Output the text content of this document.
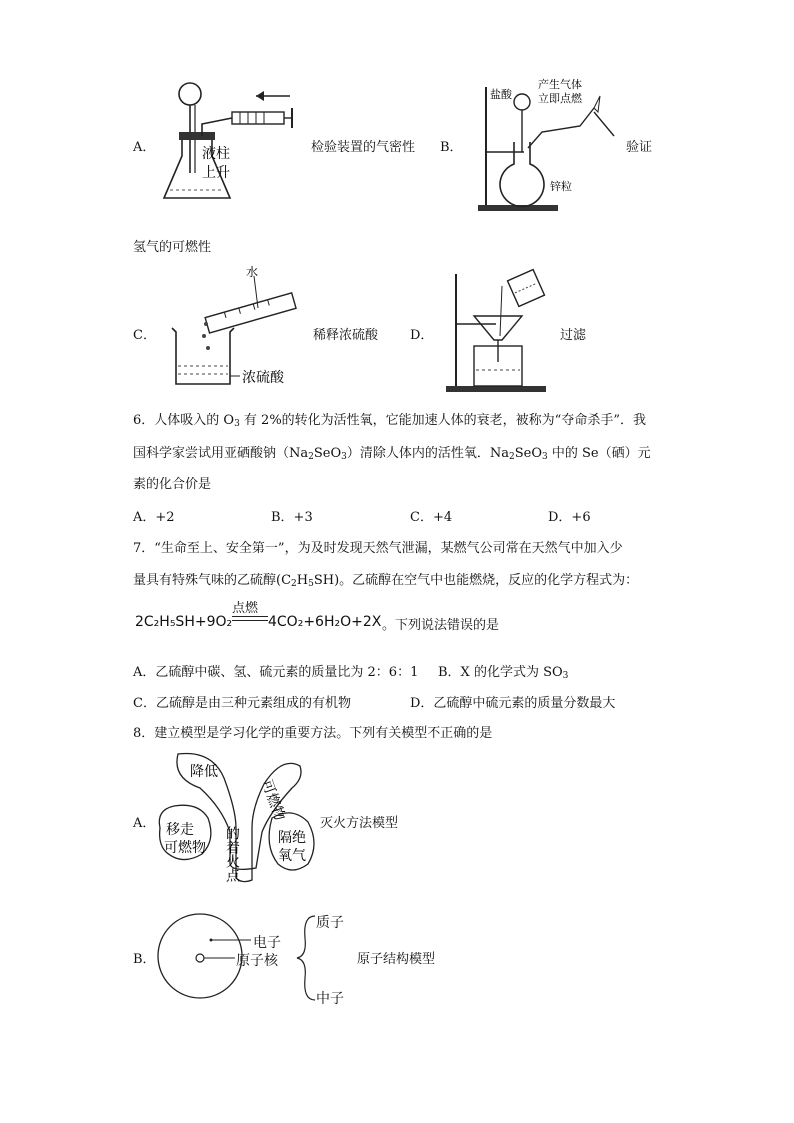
A．	液柱
上升
检验装置的气密性 B．
盐酸
产生气体
立即点燃
锌粒
验证
氢气的可燃性
C．
水
浓硫酸
稀释浓硫酸 D．	过滤
6．人体吸入的 $O_3$ 有 2%的转化为活性氧，它能加速人体的衰老，被称为“夺命杀手”．我
国科学家尝试用亚硒酸钠$(Na_2SeO_3)$清除人体内的活性氧．$Na_2SeO_3$ 中的 Se（硒）元
素的化合价是
A．+2	B．+3	C．+4	D．+6
7．“生命至上、安全第一”，为及时发现天然气泄漏，某燃气公司常在天然气中加入少
量具有特殊气味的乙硫醇$(C_2H_5SH)$。乙硫醇在空气中也能燃烧，反应的化学方程式为：
2C₂H₅SH+9O₂
点燃
4CO₂+6H₂O+2X 。下列说法错误的是
A．乙硫醇中碳、氢、硫元素的质量比为 2：6：1 B．X 的化学式为 $SO_3$
C．乙硫醇是由三种元素组成的有机物	D．乙硫醇中硫元素的质量分数最大
8．建立模型是学习化学的重要方法。下列有关模型不正确的是
A．
降低
可燃物
的着火点
移走
可燃物
隔绝
氧气
灭火方法模型
B．
电子
原子核
质子
中子
原子结构模型
